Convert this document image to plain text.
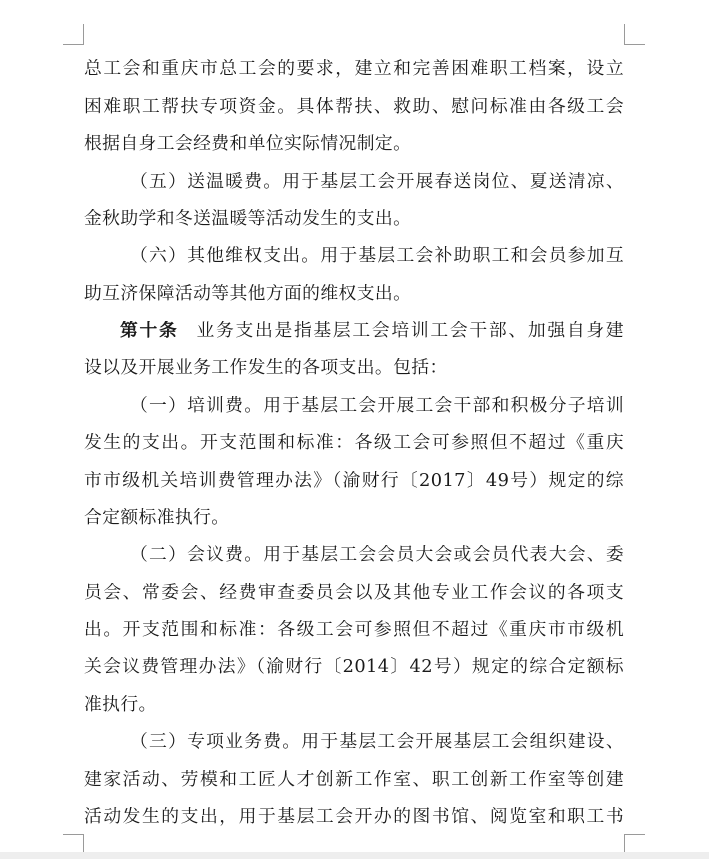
总工会和重庆市总工会的要求，建立和完善困难职工档案，设立
困难职工帮扶专项资金。具体帮扶、救助、慰问标准由各级工会
根据自身工会经费和单位实际情况制定。
（五）送温暖费。用于基层工会开展春送岗位、夏送清凉、
金秋助学和冬送温暖等活动发生的支出。
（六）其他维权支出。用于基层工会补助职工和会员参加互
助互济保障活动等其他方面的维权支出。
第十条 业务支出是指基层工会培训工会干部、加强自身建
设以及开展业务工作发生的各项支出。包括：
（一）培训费。用于基层工会开展工会干部和积极分子培训
发生的支出。开支范围和标准：各级工会可参照但不超过《重庆
市市级机关培训费管理办法》（渝财行〔2017〕49号）规定的综
合定额标准执行。
（二）会议费。用于基层工会会员大会或会员代表大会、委
员会、常委会、经费审查委员会以及其他专业工作会议的各项支
出。开支范围和标准：各级工会可参照但不超过《重庆市市级机
关会议费管理办法》（渝财行〔2014〕42号）规定的综合定额标
准执行。
（三）专项业务费。用于基层工会开展基层工会组织建设、
建家活动、劳模和工匠人才创新工作室、职工创新工作室等创建
活动发生的支出，用于基层工会开办的图书馆、阅览室和职工书
